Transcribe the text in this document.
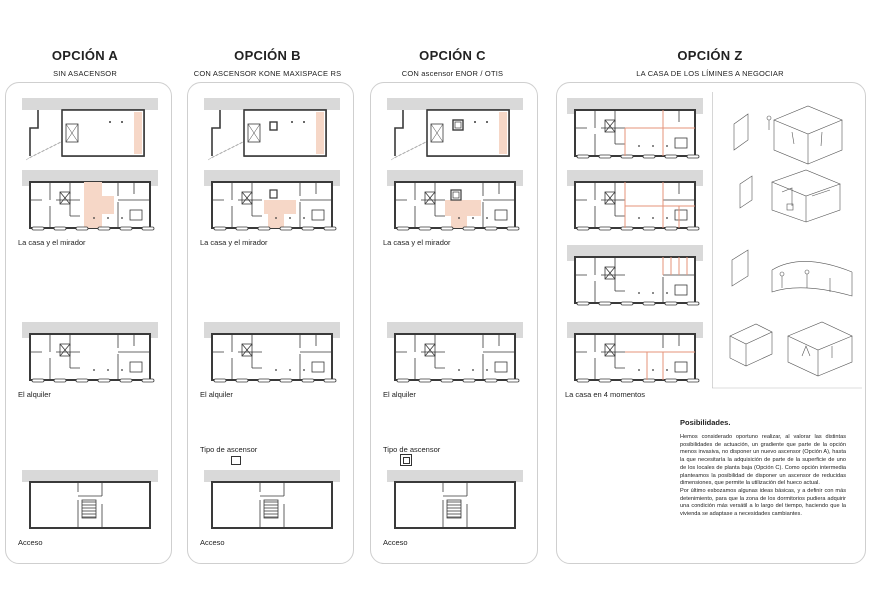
OPCIÓN A
SIN ASACENSOR
OPCIÓN B
CON ASCENSOR KONE MAXISPACE RS
OPCIÓN C
CON ascensor ENOR / OTIS
OPCIÓN Z
LA CASA DE LOS LÍMINES A NEGOCIAR
La casa y el mirador
El alquiler
Acceso
La casa y el mirador
El alquiler
Tipo de ascensor
Acceso
La casa y el mirador
El alquiler
Tipo de ascensor
Acceso
La casa en 4 momentos
Posibilidades.

Hemos considerado oportuno realizar, al valorar las distintas posibilidades de actuación, un gradiente que parte de la opción menos invasiva, no disponer un nuevo ascensor (Opción A), hasta la que necesitaría la adquisición de parte de la superficie de uno de los locales de planta baja (Opción C). Como opción intermedia planteamos la posibilidad de disponer un ascensor de reducidas dimensiones, que permite la utilización del hueco actual.

Por último esbozamos algunas ideas básicas, y a definir con más detenimiento, para que la zona de los dormitorios pudiera adquirir una condición más versátil a lo largo del tiempo, haciendo que la vivienda se adaptase a necesidades cambiantes.
